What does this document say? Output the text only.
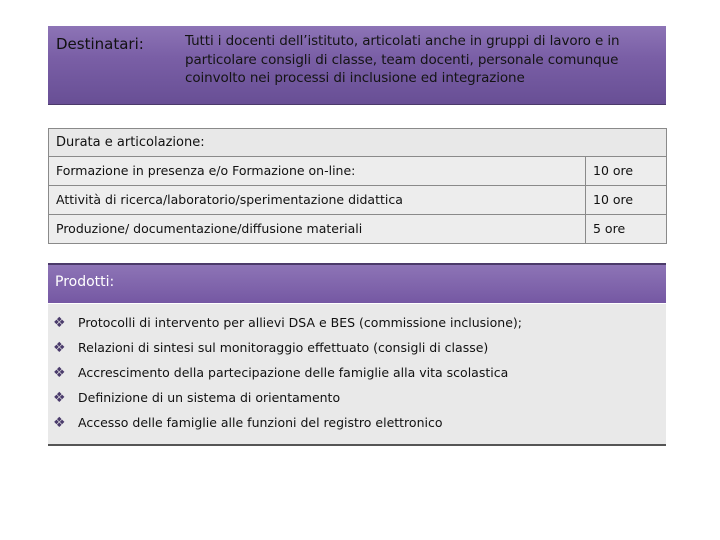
Destinatari:	Tutti i docenti dell’istituto, articolati anche in gruppi di lavoro e in particolare consigli di classe, team docenti, personale comunque coinvolto nei processi di inclusione ed integrazione
Durata e articolazione:
Formazione in presenza e/o Formazione on-line:	10 ore
Attività di ricerca/laboratorio/sperimentazione didattica	10 ore
Produzione/ documentazione/diffusione materiali	5 ore
Prodotti:
❖ Protocolli di intervento per allievi DSA e BES (commissione inclusione);
❖ Relazioni di sintesi sul monitoraggio effettuato (consigli di classe)
❖ Accrescimento della partecipazione delle famiglie alla vita scolastica
❖ Definizione di un sistema di orientamento
❖ Accesso delle famiglie alle funzioni del registro elettronico
